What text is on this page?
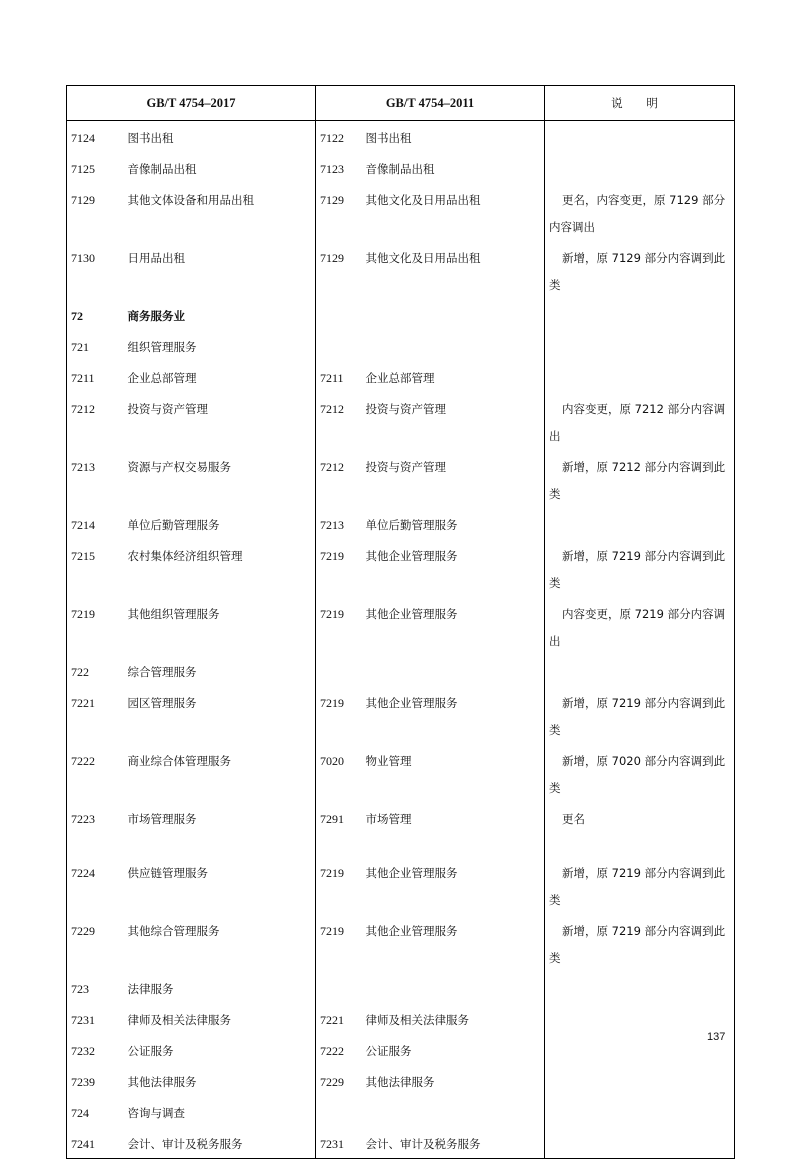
GB/T 4754–2017		GB/T 4754–2011		说 明
7124	图书出租	7122	图书出租	

7125	音像制品出租	7123	音像制品出租	

7129	其他文体设备和用品出租	7129	其他文化及日用品出租	更名，内容变更，原 7129 部分内容调出

7130	日用品出租	7129	其他文化及日用品出租	新增，原 7129 部分内容调到此类

72	商务服务业			

721	组织管理服务			

7211	企业总部管理	7211	企业总部管理	

7212	投资与资产管理	7212	投资与资产管理	内容变更，原 7212 部分内容调出

7213	资源与产权交易服务	7212	投资与资产管理	新增，原 7212 部分内容调到此类

7214	单位后勤管理服务	7213	单位后勤管理服务	

7215	农村集体经济组织管理	7219	其他企业管理服务	新增，原 7219 部分内容调到此类

7219	其他组织管理服务	7219	其他企业管理服务	内容变更，原 7219 部分内容调出

722	综合管理服务			

7221	园区管理服务	7219	其他企业管理服务	新增，原 7219 部分内容调到此类

7222	商业综合体管理服务	7020	物业管理	新增，原 7020 部分内容调到此类

7223	市场管理服务	7291	市场管理	更名

7224	供应链管理服务	7219	其他企业管理服务	新增，原 7219 部分内容调到此类

7229	其他综合管理服务	7219	其他企业管理服务	新增，原 7219 部分内容调到此类

723	法律服务			

7231	律师及相关法律服务	7221	律师及相关法律服务	

7232	公证服务	7222	公证服务	

7239	其他法律服务	7229	其他法律服务	

724	咨询与调查			

7241	会计、审计及税务服务	7231	会计、审计及税务服务	
137
